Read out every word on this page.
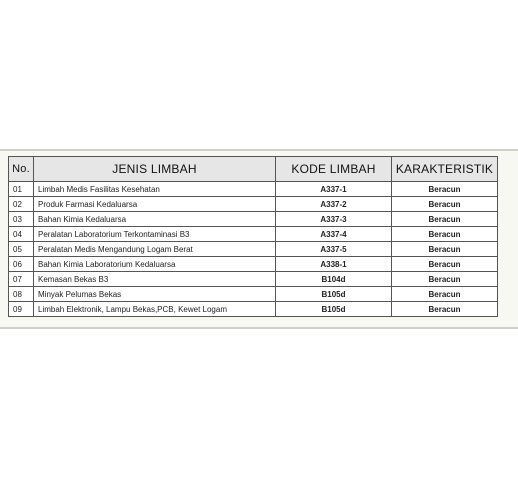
No.	JENIS LIMBAH	KODE LIMBAH	KARAKTERISTIK
01	Limbah Medis Fasilitas Kesehatan	A337-1	Beracun
02	Produk Farmasi Kedaluarsa	A337-2	Beracun
03	Bahan Kimia Kedaluarsa	A337-3	Beracun
04	Peralatan Laboratorium Terkontaminasi B3	A337-4	Beracun
05	Peralatan Medis Mengandung Logam Berat	A337-5	Beracun
06	Bahan Kimia Laboratorium Kedaluarsa	A338-1	Beracun
07	Kemasan Bekas B3	B104d	Beracun
08	Minyak Pelumas Bekas	B105d	Beracun
09	Limbah Elektronik, Lampu Bekas,PCB, Kewet Logam	B105d	Beracun
